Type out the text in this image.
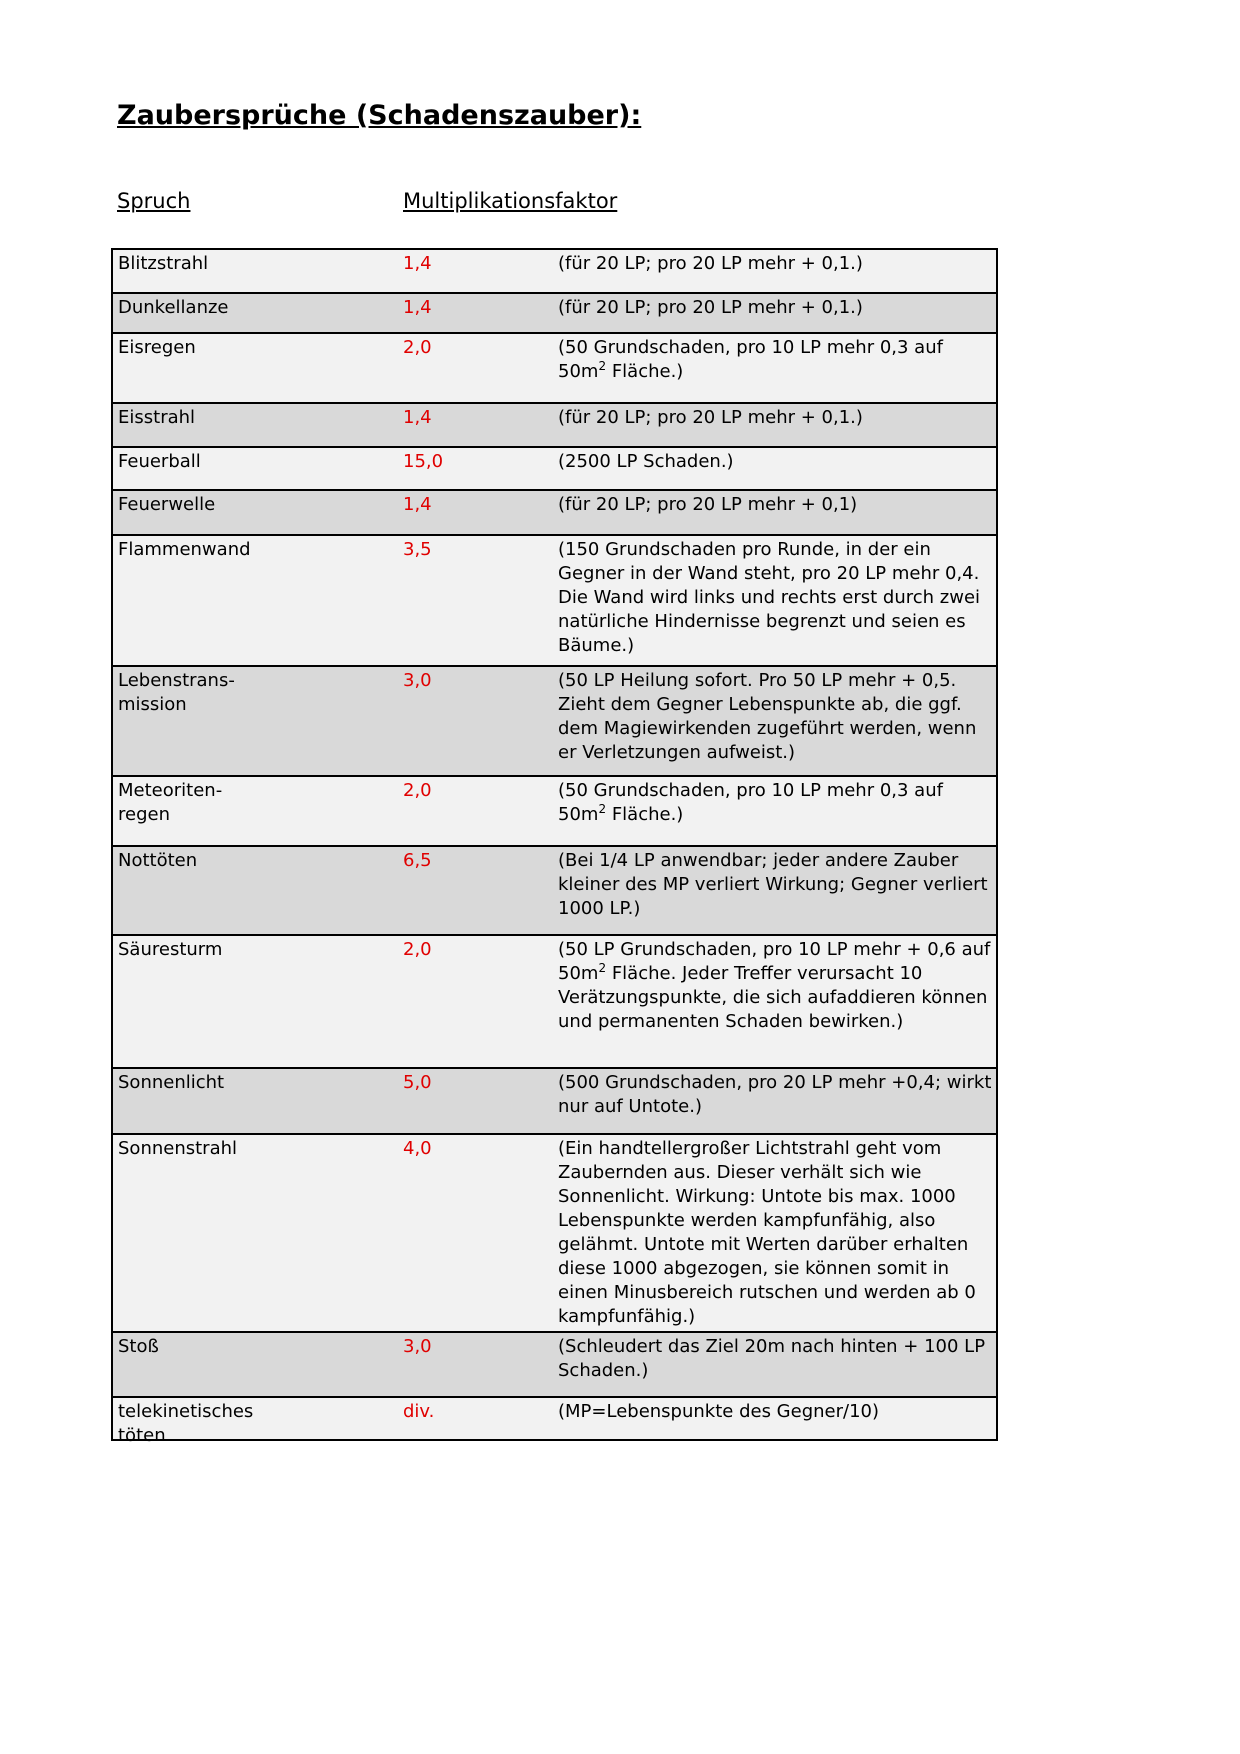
Zaubersprüche (Schadenszauber):
Spruch	Multiplikationsfaktor
Blitzstrahl	1,4	(für 20 LP; pro 20 LP mehr + 0,1.)
Dunkellanze	1,4	(für 20 LP; pro 20 LP mehr + 0,1.)
Eisregen	2,0	(50 Grundschaden, pro 10 LP mehr 0,3 auf $50m^2$ Fläche.)
Eisstrahl	1,4	(für 20 LP; pro 20 LP mehr + 0,1.)
Feuerball	15,0	(2500 LP Schaden.)
Feuerwelle	1,4	(für 20 LP; pro 20 LP mehr + 0,1)
Flammenwand	3,5	(150 Grundschaden pro Runde, in der ein Gegner in der Wand steht, pro 20 LP mehr 0,4. Die Wand wird links und rechts erst durch zwei natürliche Hindernisse begrenzt und seien es Bäume.)

Lebenstrans-mission	3,0	(50 LP Heilung sofort. Pro 50 LP mehr + 0,5. Zieht dem Gegner Lebenspunkte ab, die ggf. dem Magiewirkenden zugeführt werden, wenn er Verletzungen aufweist.)

Meteoriten-regen	2,0	(50 Grundschaden, pro 10 LP mehr 0,3 auf $50m^2$ Fläche.)
Nottöten	6,5	(Bei 1/4 LP anwendbar; jeder andere Zauber kleiner des MP verliert Wirkung; Gegner verliert 1000 LP.)
Säuresturm	2,0	(50 LP Grundschaden, pro 10 LP mehr + 0,6 auf $50m^2$ Fläche. Jeder Treffer verursacht 10 Verätzungspunkte, die sich aufaddieren können und permanenten Schaden bewirken.)
Sonnenlicht	5,0	(500 Grundschaden, pro 20 LP mehr +0,4; wirkt nur auf Untote.)
Sonnenstrahl	4,0	(Ein handtellergroßer Lichtstrahl geht vom Zaubernden aus. Dieser verhält sich wie Sonnenlicht. Wirkung: Untote bis max. 1000 Lebenspunkte werden kampfunfähig, also gelähmt. Untote mit Werten darüber erhalten diese 1000 abgezogen, sie können somit in einen Minusbereich rutschen und werden ab 0 kampfunfähig.)
Stoß	3,0	(Schleudert das Ziel 20m nach hinten + 100 LP Schaden.)

telekinetisches töten	div.	(MP=Lebenspunkte des Gegner/10)
